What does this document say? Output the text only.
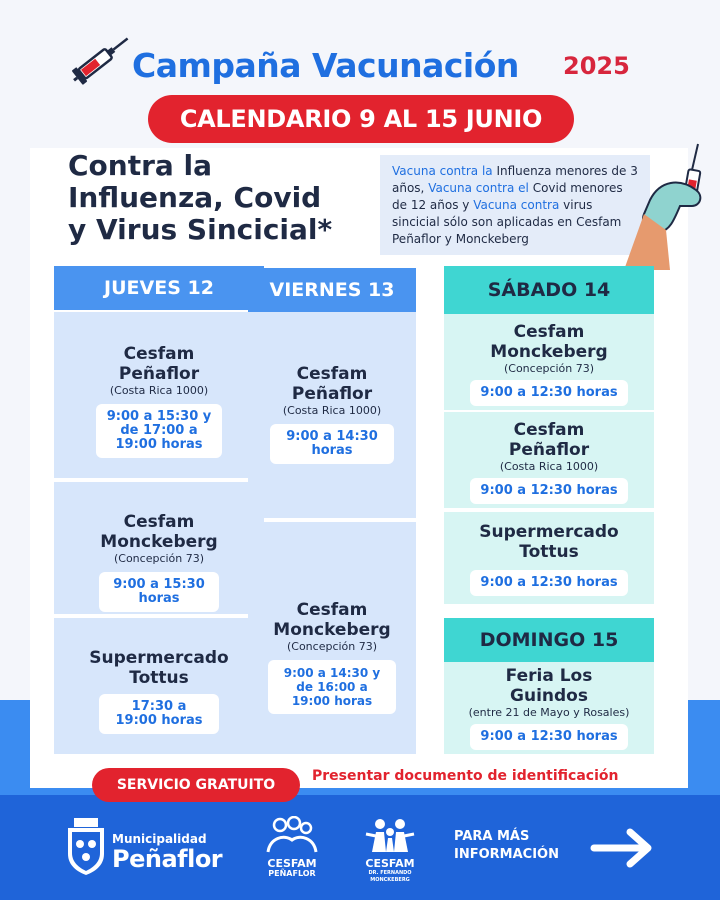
Campaña Vacunación 2025
CALENDARIO 9 AL 15 JUNIO
Contra la
Influenza, Covid
y Virus Sincicial*
Vacuna contra la Influenza menores de 3 años, Vacuna contra el Covid menores de 12 años y Vacuna contra virus sincicial sólo son aplicadas en Cesfam Peñaflor y Monckeberg
JUEVES 12
Cesfam Peñaflor
(Costa Rica 1000)
9:00 a 15:30 y de 17:00 a 19:00 horas
Cesfam Monckeberg
(Concepción 73)
9:00 a 15:30 horas
Supermercado Tottus
17:30 a 19:00 horas
VIERNES 13
Cesfam Peñaflor
(Costa Rica 1000)
9:00 a 14:30 horas
Cesfam Monckeberg
(Concepción 73)
9:00 a 14:30 y de 16:00 a 19:00 horas
SÁBADO 14
Cesfam Monckeberg
(Concepción 73)
9:00 a 12:30 horas
Cesfam Peñaflor
(Costa Rica 1000)
9:00 a 12:30 horas
Supermercado Tottus
9:00 a 12:30 horas
DOMINGO 15
Feria Los Guindos
(entre 21 de Mayo y Rosales)
9:00 a 12:30 horas
SERVICIO GRATUITO
Presentar documento de identificación
Municipalidad
Peñaflor	CESFAM
PEÑAFLOR
CESFAM
DR. FERNANDO MONCKEBERG
PARA MÁS
INFORMACIÓN
